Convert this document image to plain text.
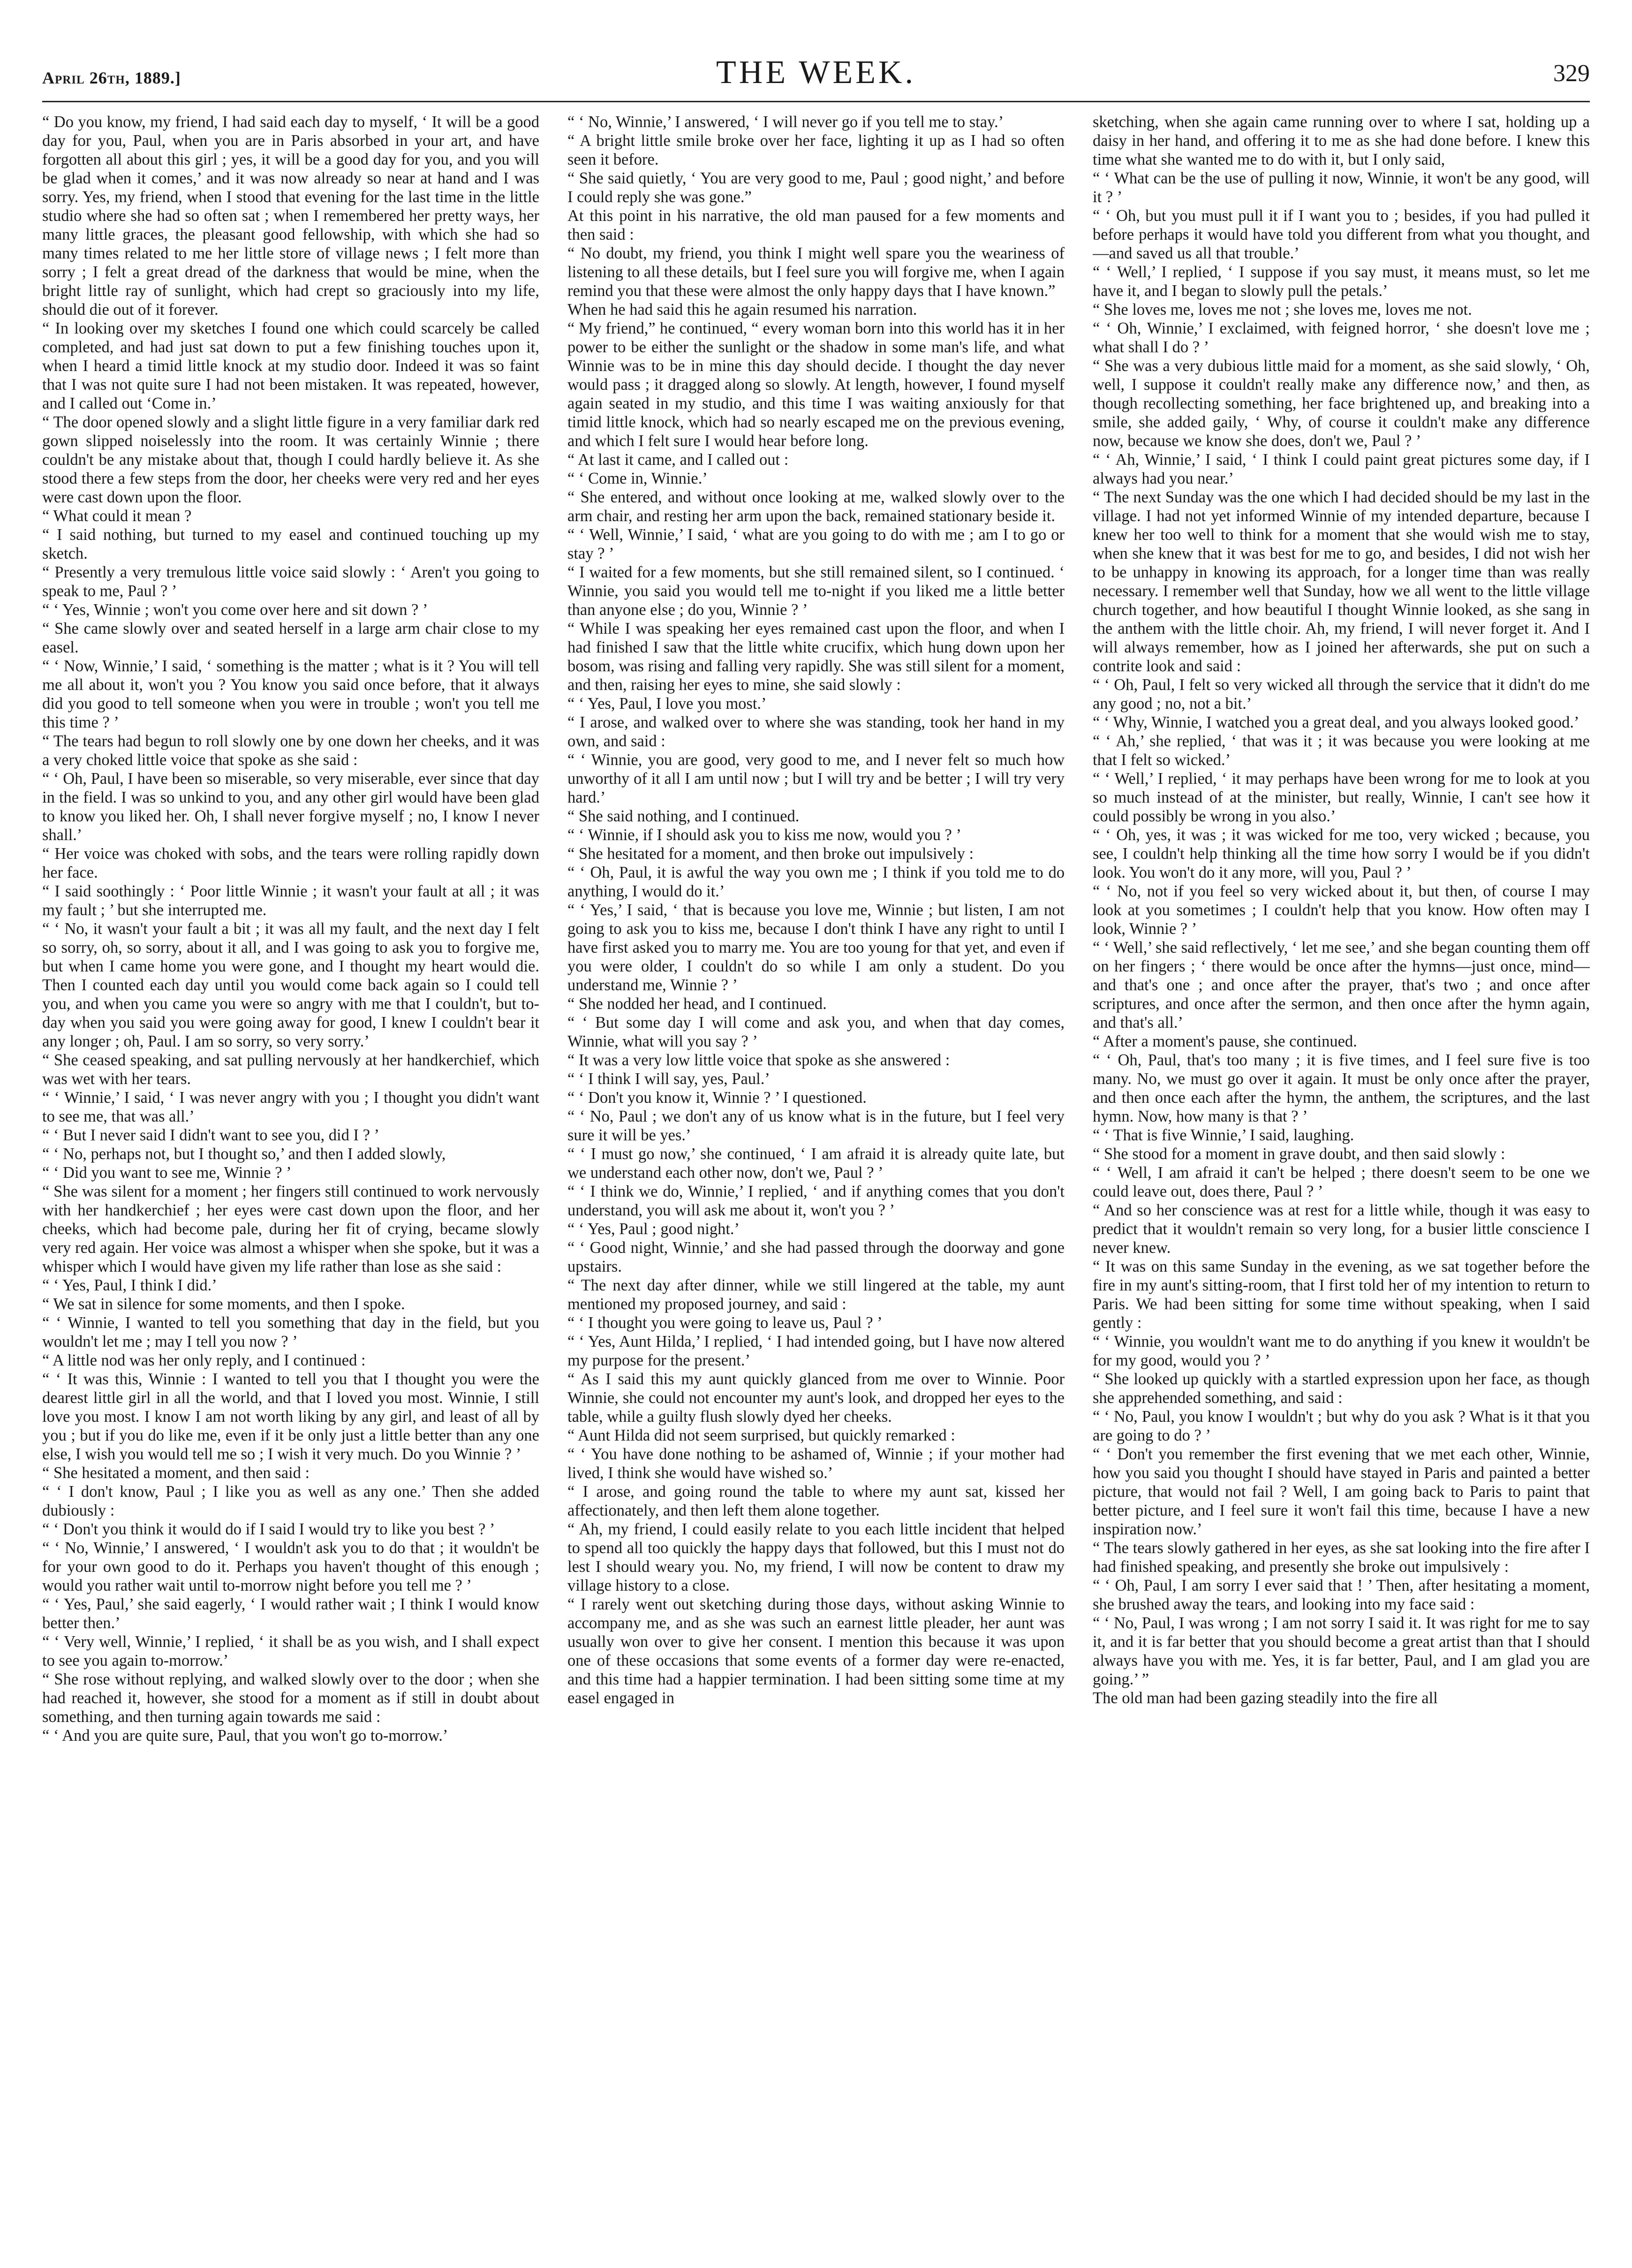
April 26th, 1889.]	THE WEEK.	329

“ Do you know, my friend, I had said each day to myself, ‘ It will be a good day for you, Paul, when you are in Paris absorbed in your art, and have forgotten all about this girl ; yes, it will be a good day for you, and you will be glad when it comes,’ and it was now already so near at hand and I was sorry. Yes, my friend, when I stood that evening for the last time in the little studio where she had so often sat ; when I remembered her pretty ways, her many little graces, the pleasant good fellowship, with which she had so many times related to me her little store of village news ; I felt more than sorry ; I felt a great dread of the darkness that would be mine, when the bright little ray of sunlight, which had crept so graciously into my life, should die out of it forever.

“ In looking over my sketches I found one which could scarcely be called completed, and had just sat down to put a few finishing touches upon it, when I heard a timid little knock at my studio door. Indeed it was so faint that I was not quite sure I had not been mistaken. It was repeated, however, and I called out ‘Come in.’

“ The door opened slowly and a slight little figure in a very familiar dark red gown slipped noiselessly into the room. It was certainly Winnie ; there couldn't be any mistake about that, though I could hardly believe it. As she stood there a few steps from the door, her cheeks were very red and her eyes were cast down upon the floor.

“ What could it mean ?

“ I said nothing, but turned to my easel and continued touching up my sketch.

“ Presently a very tremulous little voice said slowly : ‘ Aren't you going to speak to me, Paul ? ’

“ ‘ Yes, Winnie ; won't you come over here and sit down ? ’

“ She came slowly over and seated herself in a large arm chair close to my easel.

“ ‘ Now, Winnie,’ I said, ‘ something is the matter ; what is it ? You will tell me all about it, won't you ? You know you said once before, that it always did you good to tell someone when you were in trouble ; won't you tell me this time ? ’

“ The tears had begun to roll slowly one by one down her cheeks, and it was a very choked little voice that spoke as she said :

“ ‘ Oh, Paul, I have been so miserable, so very miserable, ever since that day in the field. I was so unkind to you, and any other girl would have been glad to know you liked her. Oh, I shall never forgive myself ; no, I know I never shall.’

“ Her voice was choked with sobs, and the tears were rolling rapidly down her face.

“ I said soothingly : ‘ Poor little Winnie ; it wasn't your fault at all ; it was my fault ; ’ but she interrupted me.

“ ‘ No, it wasn't your fault a bit ; it was all my fault, and the next day I felt so sorry, oh, so sorry, about it all, and I was going to ask you to forgive me, but when I came home you were gone, and I thought my heart would die. Then I counted each day until you would come back again so I could tell you, and when you came you were so angry with me that I couldn't, but to-day when you said you were going away for good, I knew I couldn't bear it any longer ; oh, Paul. I am so sorry, so very sorry.’

“ She ceased speaking, and sat pulling nervously at her handkerchief, which was wet with her tears.

“ ‘ Winnie,’ I said, ‘ I was never angry with you ; I thought you didn't want to see me, that was all.’

“ ‘ But I never said I didn't want to see you, did I ? ’

“ ‘ No, perhaps not, but I thought so,’ and then I added slowly,

“ ‘ Did you want to see me, Winnie ? ’

“ She was silent for a moment ; her fingers still continued to work nervously with her handkerchief ; her eyes were cast down upon the floor, and her cheeks, which had become pale, during her fit of crying, became slowly very red again. Her voice was almost a whisper when she spoke, but it was a whisper which I would have given my life rather than lose as she said :

“ ‘ Yes, Paul, I think I did.’

“ We sat in silence for some moments, and then I spoke.

“ ‘ Winnie, I wanted to tell you something that day in the field, but you wouldn't let me ; may I tell you now ? ’

“ A little nod was her only reply, and I continued :

“ ‘ It was this, Winnie : I wanted to tell you that I thought you were the dearest little girl in all the world, and that I loved you most. Winnie, I still love you most. I know I am not worth liking by any girl, and least of all by you ; but if you do like me, even if it be only just a little better than any one else, I wish you would tell me so ; I wish it very much. Do you Winnie ? ’

“ She hesitated a moment, and then said :

“ ‘ I don't know, Paul ; I like you as well as any one.’ Then she added dubiously :

“ ‘ Don't you think it would do if I said I would try to like you best ? ’

“ ‘ No, Winnie,’ I answered, ‘ I wouldn't ask you to do that ; it wouldn't be for your own good to do it. Perhaps you haven't thought of this enough ; would you rather wait until to-morrow night before you tell me ? ’

“ ‘ Yes, Paul,’ she said eagerly, ‘ I would rather wait ; I think I would know better then.’

“ ‘ Very well, Winnie,’ I replied, ‘ it shall be as you wish, and I shall expect to see you again to-morrow.’

“ She rose without replying, and walked slowly over to the door ; when she had reached it, however, she stood for a moment as if still in doubt about something, and then turning again towards me said :

“ ‘ And you are quite sure, Paul, that you won't go to-morrow.’

“ ‘ No, Winnie,’ I answered, ‘ I will never go if you tell me to stay.’

“ A bright little smile broke over her face, lighting it up as I had so often seen it before.

“ She said quietly, ‘ You are very good to me, Paul ; good night,’ and before I could reply she was gone.”

At this point in his narrative, the old man paused for a few moments and then said :

“ No doubt, my friend, you think I might well spare you the weariness of listening to all these details, but I feel sure you will forgive me, when I again remind you that these were almost the only happy days that I have known.”

When he had said this he again resumed his narration.

“ My friend,” he continued, “ every woman born into this world has it in her power to be either the sunlight or the shadow in some man's life, and what Winnie was to be in mine this day should decide. I thought the day never would pass ; it dragged along so slowly. At length, however, I found myself again seated in my studio, and this time I was waiting anxiously for that timid little knock, which had so nearly escaped me on the previous evening, and which I felt sure I would hear before long.

“ At last it came, and I called out :

“ ‘ Come in, Winnie.’

“ She entered, and without once looking at me, walked slowly over to the arm chair, and resting her arm upon the back, remained stationary beside it.

“ ‘ Well, Winnie,’ I said, ‘ what are you going to do with me ; am I to go or stay ? ’

“ I waited for a few moments, but she still remained silent, so I continued. ‘ Winnie, you said you would tell me to-night if you liked me a little better than anyone else ; do you, Winnie ? ’

“ While I was speaking her eyes remained cast upon the floor, and when I had finished I saw that the little white crucifix, which hung down upon her bosom, was rising and falling very rapidly. She was still silent for a moment, and then, raising her eyes to mine, she said slowly :

“ ‘ Yes, Paul, I love you most.’

“ I arose, and walked over to where she was standing, took her hand in my own, and said :

“ ‘ Winnie, you are good, very good to me, and I never felt so much how unworthy of it all I am until now ; but I will try and be better ; I will try very hard.’

“ She said nothing, and I continued.

“ ‘ Winnie, if I should ask you to kiss me now, would you ? ’

“ She hesitated for a moment, and then broke out impulsively :

“ ‘ Oh, Paul, it is awful the way you own me ; I think if you told me to do anything, I would do it.’

“ ‘ Yes,’ I said, ‘ that is because you love me, Winnie ; but listen, I am not going to ask you to kiss me, because I don't think I have any right to until I have first asked you to marry me. You are too young for that yet, and even if you were older, I couldn't do so while I am only a student. Do you understand me, Winnie ? ’

“ She nodded her head, and I continued.

“ ‘ But some day I will come and ask you, and when that day comes, Winnie, what will you say ? ’

“ It was a very low little voice that spoke as she answered :

“ ‘ I think I will say, yes, Paul.’

“ ‘ Don't you know it, Winnie ? ’ I questioned.

“ ‘ No, Paul ; we don't any of us know what is in the future, but I feel very sure it will be yes.’

“ ‘ I must go now,’ she continued, ‘ I am afraid it is already quite late, but we understand each other now, don't we, Paul ? ’

“ ‘ I think we do, Winnie,’ I replied, ‘ and if anything comes that you don't understand, you will ask me about it, won't you ? ’

“ ‘ Yes, Paul ; good night.’

“ ‘ Good night, Winnie,’ and she had passed through the doorway and gone upstairs.

“ The next day after dinner, while we still lingered at the table, my aunt mentioned my proposed journey, and said :

“ ‘ I thought you were going to leave us, Paul ? ’

“ ‘ Yes, Aunt Hilda,’ I replied, ‘ I had intended going, but I have now altered my purpose for the present.’

“ As I said this my aunt quickly glanced from me over to Winnie. Poor Winnie, she could not encounter my aunt's look, and dropped her eyes to the table, while a guilty flush slowly dyed her cheeks.

“ Aunt Hilda did not seem surprised, but quickly remarked :

“ ‘ You have done nothing to be ashamed of, Winnie ; if your mother had lived, I think she would have wished so.’

“ I arose, and going round the table to where my aunt sat, kissed her affectionately, and then left them alone together.

“ Ah, my friend, I could easily relate to you each little incident that helped to spend all too quickly the happy days that followed, but this I must not do lest I should weary you. No, my friend, I will now be content to draw my village history to a close.

“ I rarely went out sketching during those days, without asking Winnie to accompany me, and as she was such an earnest little pleader, her aunt was usually won over to give her consent. I mention this because it was upon one of these occasions that some events of a former day were re-enacted, and this time had a happier termination. I had been sitting some time at my easel engaged in

sketching, when she again came running over to where I sat, holding up a daisy in her hand, and offering it to me as she had done before. I knew this time what she wanted me to do with it, but I only said,

“ ‘ What can be the use of pulling it now, Winnie, it won't be any good, will it ? ’

“ ‘ Oh, but you must pull it if I want you to ; besides, if you had pulled it before perhaps it would have told you different from what you thought, and—and saved us all that trouble.’

“ ‘ Well,’ I replied, ‘ I suppose if you say must, it means must, so let me have it, and I began to slowly pull the petals.’

“ She loves me, loves me not ; she loves me, loves me not.

“ ‘ Oh, Winnie,’ I exclaimed, with feigned horror, ‘ she doesn't love me ; what shall I do ? ’

“ She was a very dubious little maid for a moment, as she said slowly, ‘ Oh, well, I suppose it couldn't really make any difference now,’ and then, as though recollecting something, her face brightened up, and breaking into a smile, she added gaily, ‘ Why, of course it couldn't make any difference now, because we know she does, don't we, Paul ? ’

“ ‘ Ah, Winnie,’ I said, ‘ I think I could paint great pictures some day, if I always had you near.’

“ The next Sunday was the one which I had decided should be my last in the village. I had not yet informed Winnie of my intended departure, because I knew her too well to think for a moment that she would wish me to stay, when she knew that it was best for me to go, and besides, I did not wish her to be unhappy in knowing its approach, for a longer time than was really necessary. I remember well that Sunday, how we all went to the little village church together, and how beautiful I thought Winnie looked, as she sang in the anthem with the little choir. Ah, my friend, I will never forget it. And I will always remember, how as I joined her afterwards, she put on such a contrite look and said :

“ ‘ Oh, Paul, I felt so very wicked all through the service that it didn't do me any good ; no, not a bit.’

“ ‘ Why, Winnie, I watched you a great deal, and you always looked good.’

“ ‘ Ah,’ she replied, ‘ that was it ; it was because you were looking at me that I felt so wicked.’

“ ‘ Well,’ I replied, ‘ it may perhaps have been wrong for me to look at you so much instead of at the minister, but really, Winnie, I can't see how it could possibly be wrong in you also.’

“ ‘ Oh, yes, it was ; it was wicked for me too, very wicked ; because, you see, I couldn't help thinking all the time how sorry I would be if you didn't look. You won't do it any more, will you, Paul ? ’

“ ‘ No, not if you feel so very wicked about it, but then, of course I may look at you sometimes ; I couldn't help that you know. How often may I look, Winnie ? ’

“ ‘ Well,’ she said reflectively, ‘ let me see,’ and she began counting them off on her fingers ; ‘ there would be once after the hymns—just once, mind—and that's one ; and once after the prayer, that's two ; and once after scriptures, and once after the sermon, and then once after the hymn again, and that's all.’

“ After a moment's pause, she continued.

“ ‘ Oh, Paul, that's too many ; it is five times, and I feel sure five is too many. No, we must go over it again. It must be only once after the prayer, and then once each after the hymn, the anthem, the scriptures, and the last hymn. Now, how many is that ? ’

“ ‘ That is five Winnie,’ I said, laughing.

“ She stood for a moment in grave doubt, and then said slowly :

“ ‘ Well, I am afraid it can't be helped ; there doesn't seem to be one we could leave out, does there, Paul ? ’

“ And so her conscience was at rest for a little while, though it was easy to predict that it wouldn't remain so very long, for a busier little conscience I never knew.

“ It was on this same Sunday in the evening, as we sat together before the fire in my aunt's sitting-room, that I first told her of my intention to return to Paris. We had been sitting for some time without speaking, when I said gently :

“ ‘ Winnie, you wouldn't want me to do anything if you knew it wouldn't be for my good, would you ? ’

“ She looked up quickly with a startled expression upon her face, as though she apprehended something, and said :

“ ‘ No, Paul, you know I wouldn't ; but why do you ask ? What is it that you are going to do ? ’

“ ‘ Don't you remember the first evening that we met each other, Winnie, how you said you thought I should have stayed in Paris and painted a better picture, that would not fail ? Well, I am going back to Paris to paint that better picture, and I feel sure it won't fail this time, because I have a new inspiration now.’

“ The tears slowly gathered in her eyes, as she sat looking into the fire after I had finished speaking, and presently she broke out impulsively :

“ ‘ Oh, Paul, I am sorry I ever said that ! ’ Then, after hesitating a moment, she brushed away the tears, and looking into my face said :

“ ‘ No, Paul, I was wrong ; I am not sorry I said it. It was right for me to say it, and it is far better that you should become a great artist than that I should always have you with me. Yes, it is far better, Paul, and I am glad you are going.’ ”

The old man had been gazing steadily into the fire all
